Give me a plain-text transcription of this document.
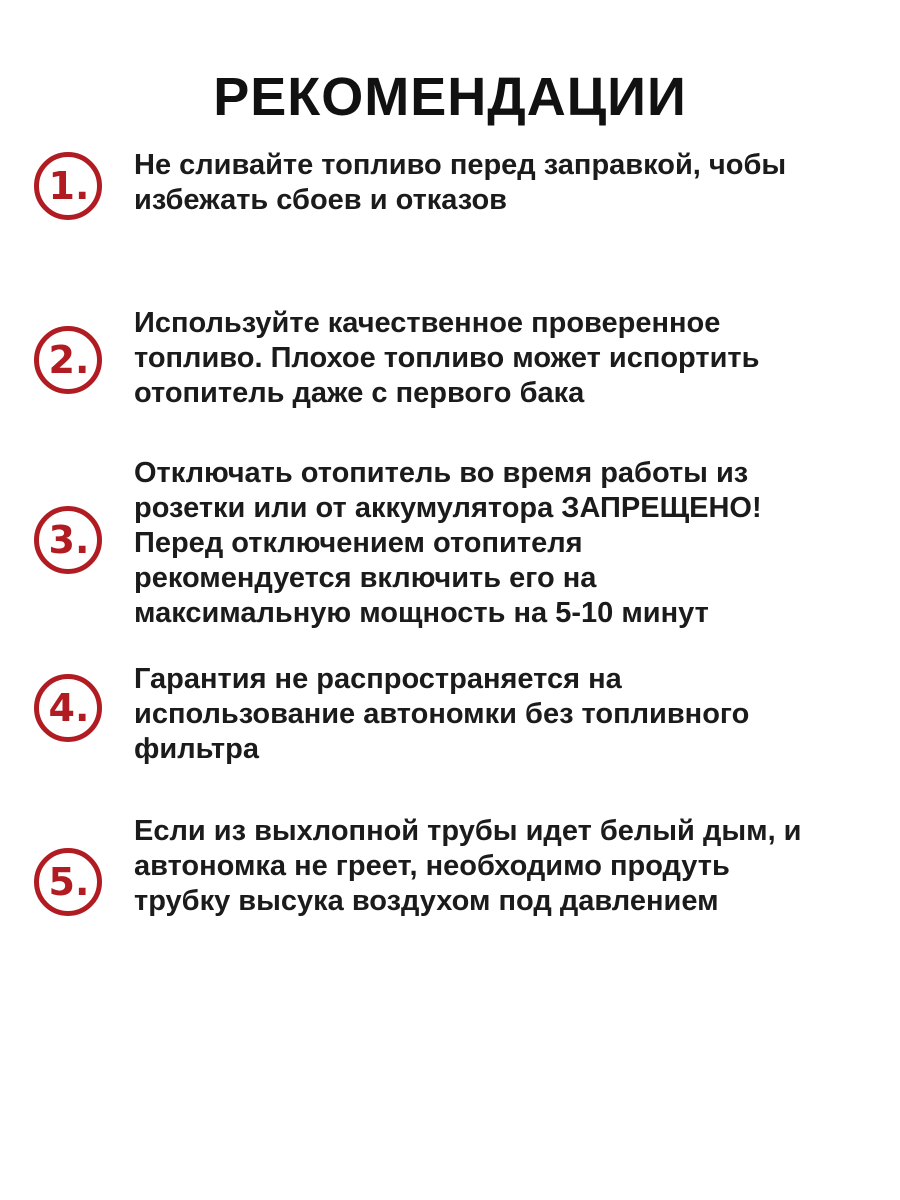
РЕКОМЕНДАЦИИ
1. Не сливайте топливо перед заправкой, чобы
избежать сбоев и отказов

2.

Используйте качественное проверенное
топливо. Плохое топливо может испортить
отопитель даже с первого бака

3.

Отключать отопитель во время работы из
розетки или от аккумулятора ЗАПРЕЩЕНО!
Перед отключением отопителя
рекомендуется включить его на
максимальную мощность на 5-10 минут

4.

Гарантия не распространяется на
использование автономки без топливного
фильтра

5.

Если из выхлопной трубы идет белый дым, и
автономка не греет, необходимо продуть
трубку высука воздухом под давлением
